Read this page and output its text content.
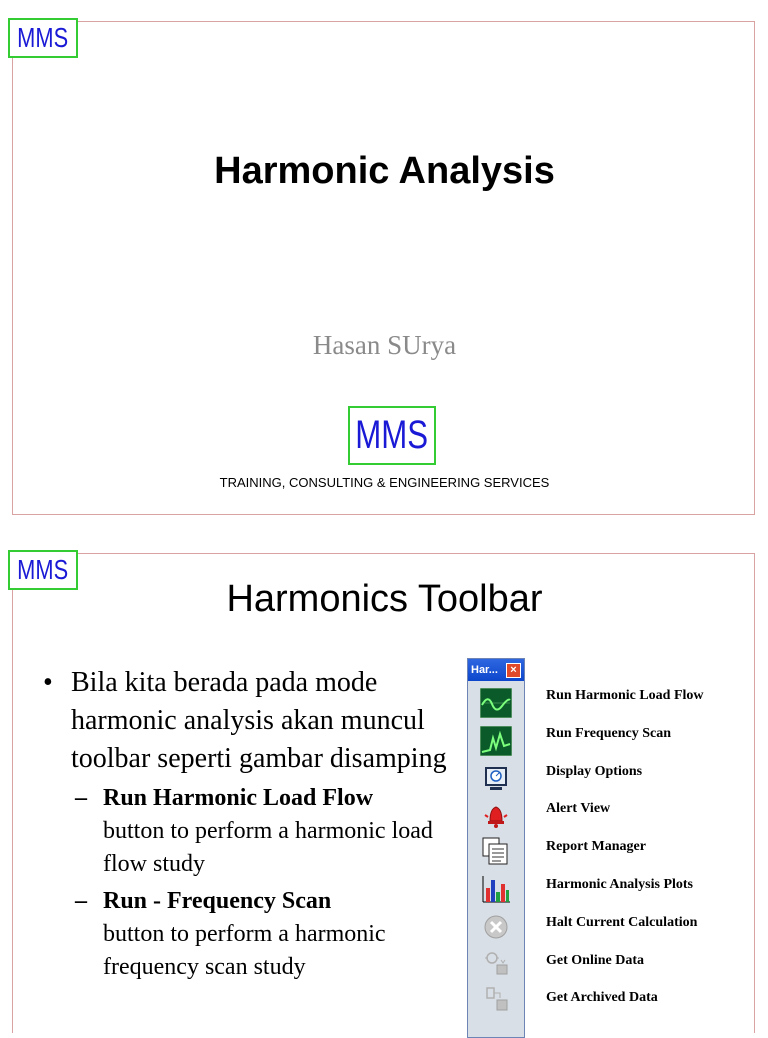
Harmonic Analysis
Hasan SUrya
MMS
TRAINING, CONSULTING & ENGINEERING SERVICES
MMS
Harmonics Toolbar
• Bila kita berada pada mode harmonic analysis akan muncul toolbar seperti gambar disamping
– Run Harmonic Load Flow
button to perform a harmonic load flow study
– Run - Frequency Scan
button to perform a harmonic frequency scan study
Har...	×
Run Harmonic Load Flow
Run Frequency Scan
Display Options
Alert View
Report Manager
Harmonic Analysis Plots
Halt Current Calculation
Get Online Data
Get Archived Data
MMS
